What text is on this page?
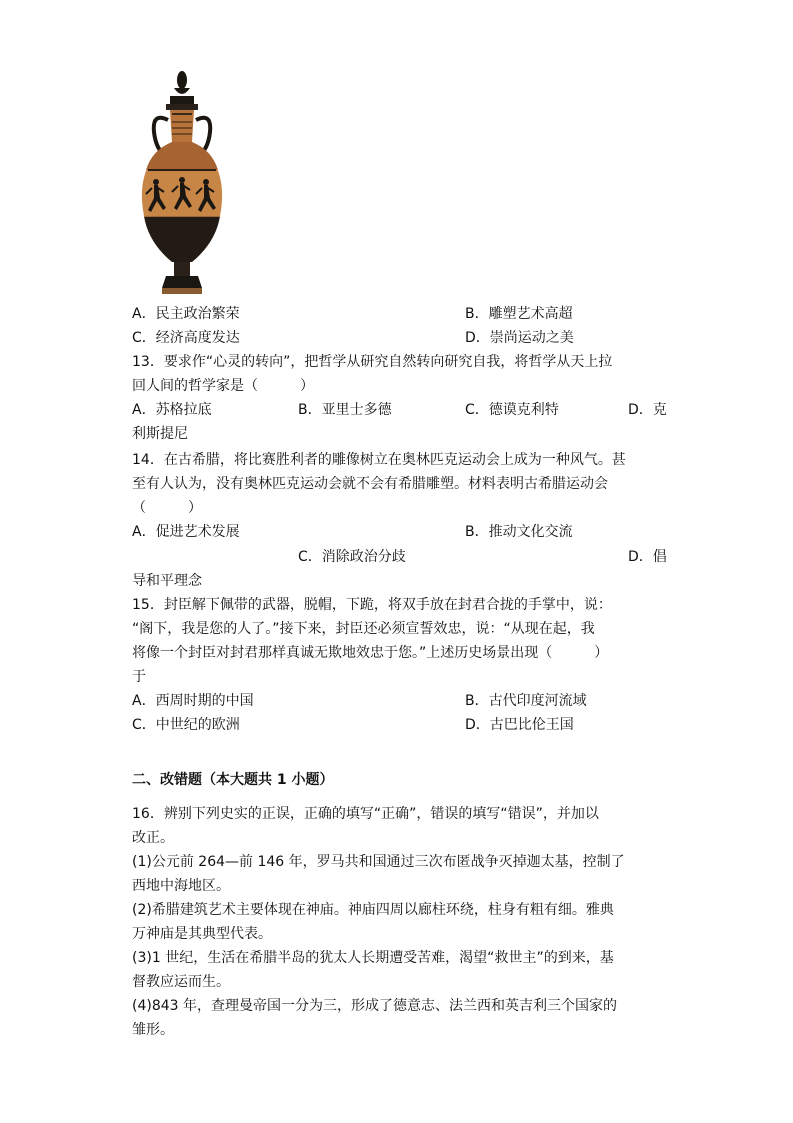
A．民主政治繁荣	B．雕塑艺术高超
C．经济高度发达	D．崇尚运动之美
13．要求作“心灵的转向”，把哲学从研究自然转向研究自我，将哲学从天上拉
回人间的哲学家是（　　　）
A．苏格拉底	B．亚里士多德	C．德谟克利特	D．克
利斯提尼
14．在古希腊，将比赛胜利者的雕像树立在奥林匹克运动会上成为一种风气。甚
至有人认为，没有奥林匹克运动会就不会有希腊雕塑。材料表明古希腊运动会
（　　　）
A．促进艺术发展	B．推动文化交流
C．消除政治分歧	D．倡
导和平理念
15．封臣解下佩带的武器，脱帽，下跪，将双手放在封君合拢的手掌中，说：
“阁下，我是您的人了。”接下来，封臣还必须宣誓效忠，说：“从现在起，我
将像一个封臣对封君那样真诚无欺地效忠于您。”上述历史场景出现（　　　）
于
A．西周时期的中国	B．古代印度河流域
C．中世纪的欧洲	D．古巴比伦王国
二、改错题（本大题共 1 小题）
16．辨别下列史实的正误，正确的填写“正确”，错误的填写“错误”，并加以
改正。
(1)公元前 264—前 146 年，罗马共和国通过三次布匿战争灭掉迦太基，控制了
西地中海地区。
(2)希腊建筑艺术主要体现在神庙。神庙四周以廊柱环绕，柱身有粗有细。雅典
万神庙是其典型代表。
(3)1 世纪，生活在希腊半岛的犹太人长期遭受苦难，渴望“救世主”的到来，基
督教应运而生。
(4)843 年，查理曼帝国一分为三，形成了德意志、法兰西和英吉利三个国家的
雏形。
